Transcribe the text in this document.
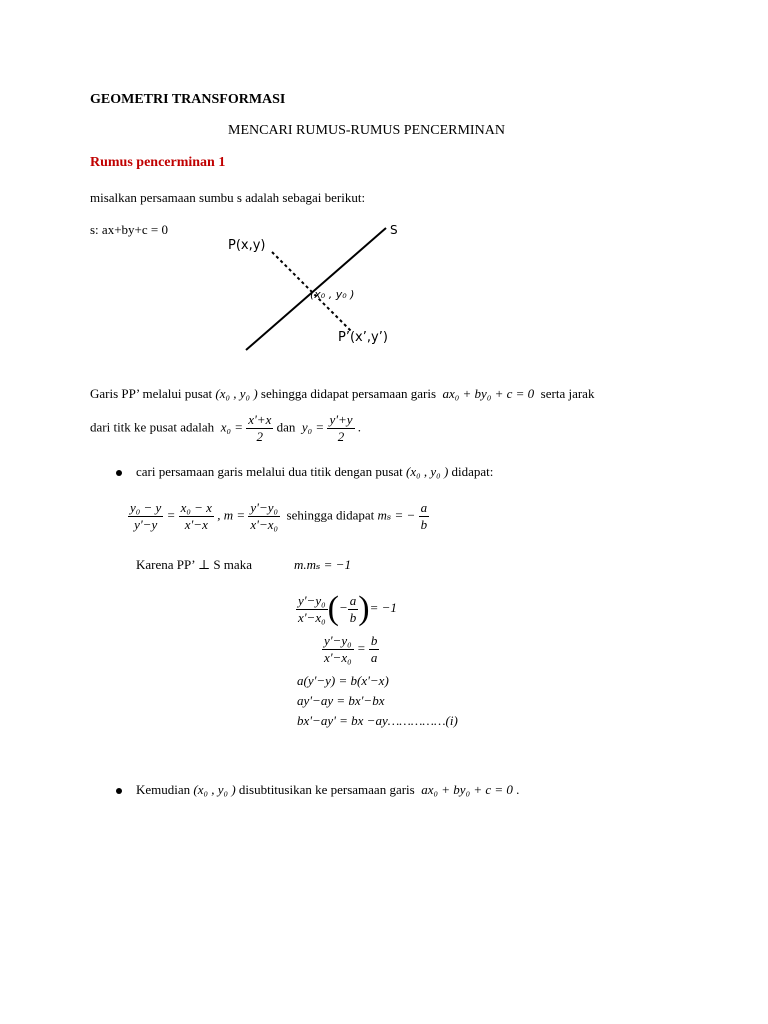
GEOMETRI TRANSFORMASI
MENCARI RUMUS-RUMUS PENCERMINAN
Rumus pencerminan 1
misalkan persamaan sumbu s adalah sebagai berikut:
s: ax+by+c = 0
P(x,y)
S
(x₀ , y₀ )
P’(x’,y’)
Garis PP’ melalui pusat (x₀ , y₀ ) sehingga didapat persamaan garis ax₀ + by₀ + c = 0 serta jarak
dari titk ke pusat adalah $x_0 = \frac{x'+x}{2}$ dan $y_0 = \frac{y'+y}{2}$ .
cari persamaan garis melalui dua titik dengan pusat (x₀ , y₀ ) didapat:
$\frac{\text{y₀ − y}}{y'-y} = \frac{\text{x₀ − x}}{x'-x}$ , $m = \frac{\text{y'−y₀}}{\text{x'−x₀}}$ sehingga didapat mₛ = − $\frac{a}{b}$
Karena PP’ ⊥ S maka	m.mₛ = −1
$\frac{\text{y'−y₀}}{\text{x'−x₀}}$ (− $\frac{a}{b}$ )= −1
$\frac{\text{y'−y₀}}{\text{x'−x₀}} = \frac{b}{a}$
a(y'−y) = b(x'−x)
ay'−ay = bx'−bx
bx'−ay' = bx −ay……………(i)
Kemudian (x₀ , y₀ ) disubtitusikan ke persamaan garis ax₀ + by₀ + c = 0 .
